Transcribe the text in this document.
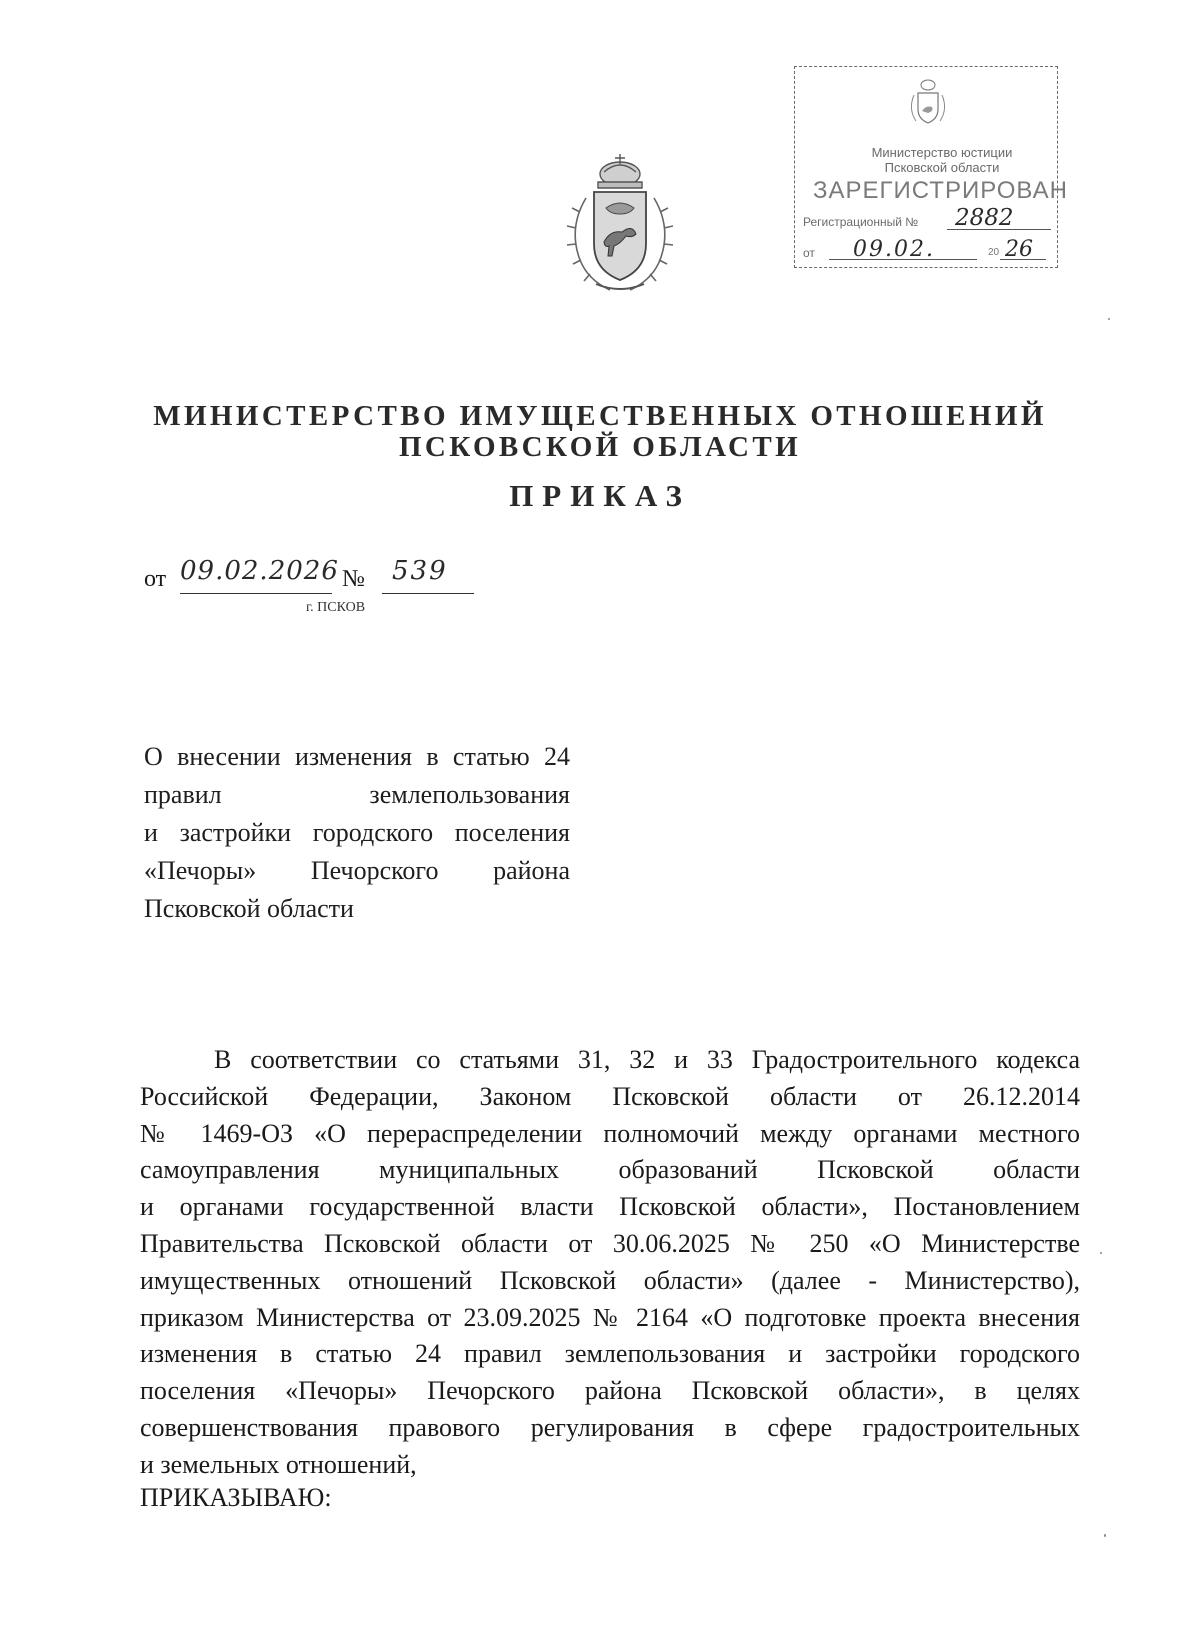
Министерство юстиции
Псковской области
ЗАРЕГИСТРИРОВАН
Регистрационный № 2882
от 09.02.	20 26
МИНИСТЕРСТВО ИМУЩЕСТВЕННЫХ ОТНОШЕНИЙ
ПСКОВСКОЙ ОБЛАСТИ
ПРИКАЗ
от 09.02.2026 № 539
г. ПСКОВ
О внесении изменения в статью 24
правил землепользования
и застройки городского поселения
«Печоры» Печорского района
Псковской области
В соответствии со статьями 31, 32 и 33 Градостроительного кодекса
Российской Федерации, Законом Псковской области от 26.12.2014
№ 1469-ОЗ «О перераспределении полномочий между органами местного
самоуправления муниципальных образований Псковской области
и органами государственной власти Псковской области», Постановлением
Правительства Псковской области от 30.06.2025 № 250 «О Министерстве
имущественных отношений Псковской области» (далее - Министерство),
приказом Министерства от 23.09.2025 № 2164 «О подготовке проекта внесения
изменения в статью 24 правил землепользования и застройки городского
поселения «Печоры» Печорского района Псковской области», в целях
совершенствования правового регулирования в сфере градостроительных
и земельных отношений,
ПРИКАЗЫВАЮ:
